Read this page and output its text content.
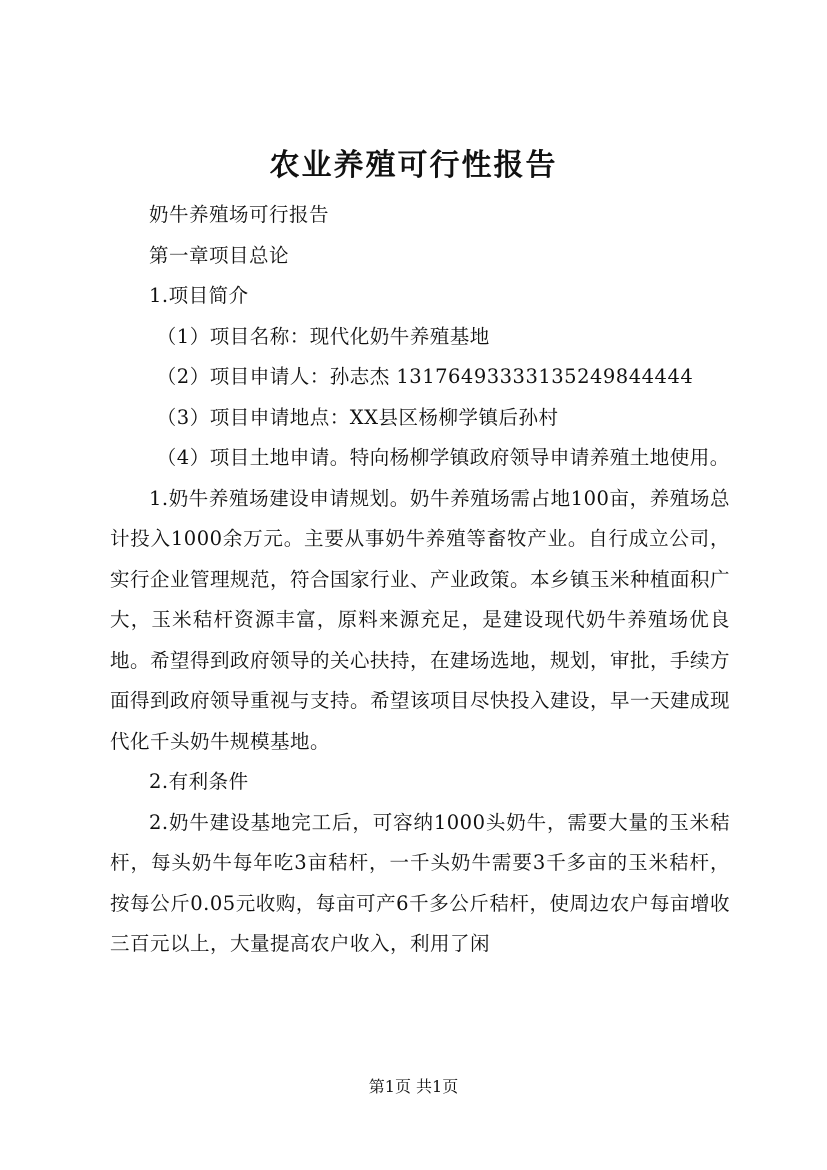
农业养殖可行性报告

奶牛养殖场可行报告

第一章项目总论

1.项目简介

（1）项目名称：现代化奶牛养殖基地

（2）项目申请人：孙志杰 13176493333135249844444

（3）项目申请地点：XX县区杨柳学镇后孙村

（4）项目土地申请。特向杨柳学镇政府领导申请养殖土地使用。

1.奶牛养殖场建设申请规划。奶牛养殖场需占地100亩，养殖场总计投入1000余万元。主要从事奶牛养殖等畜牧产业。自行成立公司，实行企业管理规范，符合国家行业、产业政策。本乡镇玉米种植面积广大，玉米秸杆资源丰富，原料来源充足，是建设现代奶牛养殖场优良地。希望得到政府领导的关心扶持，在建场选地，规划，审批，手续方面得到政府领导重视与支持。希望该项目尽快投入建设，早一天建成现代化千头奶牛规模基地。

2.有利条件

2.奶牛建设基地完工后，可容纳1000头奶牛，需要大量的玉米秸杆，每头奶牛每年吃3亩秸杆，一千头奶牛需要3千多亩的玉米秸杆，按每公斤0.05元收购，每亩可产6千多公斤秸杆，使周边农户每亩增收三百元以上，大量提高农户收入，利用了闲

第1页 共1页
